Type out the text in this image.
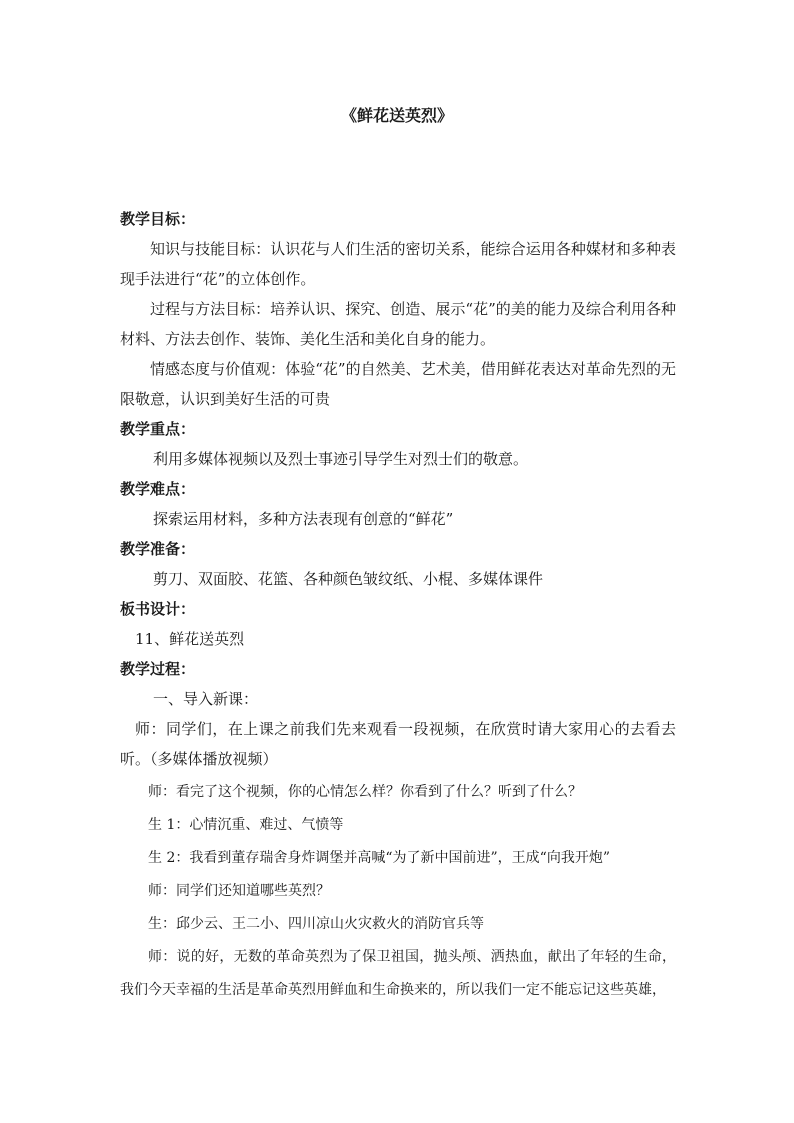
《鲜花送英烈》
教学目标：
知识与技能目标：认识花与人们生活的密切关系，能综合运用各种媒材和多种表现手法进行“花”的立体创作。
过程与方法目标：培养认识、探究、创造、展示“花”的美的能力及综合利用各种材料、方法去创作、装饰、美化生活和美化自身的能力。
情感态度与价值观：体验“花”的自然美、艺术美，借用鲜花表达对革命先烈的无限敬意，认识到美好生活的可贵
教学重点：
利用多媒体视频以及烈士事迹引导学生对烈士们的敬意。
教学难点：
探索运用材料，多种方法表现有创意的“鲜花”
教学准备：
剪刀、双面胶、花篮、各种颜色皱纹纸、小棍、多媒体课件
板书设计：
11、鲜花送英烈
教学过程：
一、导入新课：
师：同学们，在上课之前我们先来观看一段视频，在欣赏时请大家用心的去看去听。（多媒体播放视频）
师：看完了这个视频，你的心情怎么样？你看到了什么？听到了什么？
生 1：心情沉重、难过、气愤等
生 2：我看到董存瑞舍身炸调堡并高喊“为了新中国前进”，王成“向我开炮”
师：同学们还知道哪些英烈？
生：邱少云、王二小、四川凉山火灾救火的消防官兵等
师：说的好，无数的革命英烈为了保卫祖国，抛头颅、洒热血，献出了年轻的生命，我们今天幸福的生活是革命英烈用鲜血和生命换来的，所以我们一定不能忘记这些英雄，
